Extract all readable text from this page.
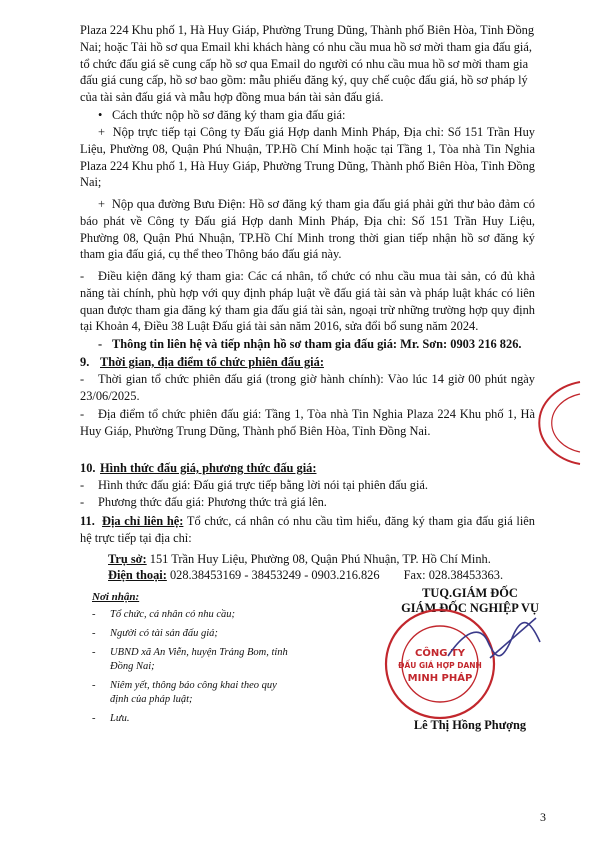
Plaza 224 Khu phố 1, Hà Huy Giáp, Phường Trung Dũng, Thành phố Biên Hòa, Tỉnh Đồng
Nai; hoặc Tải hồ sơ qua Email khi khách hàng có nhu cầu mua hồ sơ mời tham gia đấu giá,
tổ chức đấu giá sẽ cung cấp hồ sơ qua Email do người có nhu cầu mua hồ sơ mời tham gia
đấu giá cung cấp, hồ sơ bao gồm: mẫu phiếu đăng ký, quy chế cuộc đấu giá, hồ sơ pháp lý
của tài sản đấu giá và mẫu hợp đồng mua bán tài sản đấu giá.
• Cách thức nộp hồ sơ đăng ký tham gia đấu giá:
+  Nộp trực tiếp tại Công ty Đấu giá Hợp danh Minh Pháp, Địa chỉ: Số 151 Trần Huy Liệu, Phường 08, Quận Phú Nhuận, TP.Hồ Chí Minh hoặc tại Tầng 1, Tòa nhà Tin Nghia Plaza 224 Khu phố 1, Hà Huy Giáp, Phường Trung Dũng, Thành phố Biên Hòa, Tỉnh Đồng Nai;
+  Nộp qua đường Bưu Điện: Hồ sơ đăng ký tham gia đấu giá phải gửi thư bảo đảm có báo phát về Công ty Đấu giá Hợp danh Minh Pháp, Địa chỉ: Số 151 Trần Huy Liệu, Phường 08, Quận Phú Nhuận, TP.Hồ Chí Minh trong thời gian tiếp nhận hồ sơ đăng ký tham gia đấu giá, cụ thể theo Thông báo đấu giá này.
- Điều kiện đăng ký tham gia: Các cá nhân, tổ chức có nhu cầu mua tài sản, có đủ khả năng tài chính, phù hợp với quy định pháp luật về đấu giá tài sản và pháp luật khác có liên quan được tham gia đăng ký tham gia đấu giá tài sản, ngoại trừ những trường hợp quy định tại Khoản 4, Điều 38 Luật Đấu giá tài sản năm 2016, sửa đổi bổ sung năm 2024.
- Thông tin liên hệ và tiếp nhận hồ sơ tham gia đấu giá: Mr. Sơn: 0903 216 826.
9. Thời gian, địa điểm tổ chức phiên đấu giá:
- Thời gian tổ chức phiên đấu giá (trong giờ hành chính): Vào lúc 14 giờ 00 phút ngày 23/06/2025.
- Địa điểm tổ chức phiên đấu giá: Tầng 1, Tòa nhà Tin Nghia Plaza 224 Khu phố 1, Hà Huy Giáp, Phường Trung Dũng, Thành phố Biên Hòa, Tỉnh Đồng Nai.
10. Hình thức đấu giá, phương thức đấu giá:
- Hình thức đấu giá: Đấu giá trực tiếp bằng lời nói tại phiên đấu giá.
- Phương thức đấu giá: Phương thức trả giá lên.
11. Địa chỉ liên hệ: Tổ chức, cá nhân có nhu cầu tìm hiểu, đăng ký tham gia đấu giá liên hệ trực tiếp tại địa chỉ:
Trụ sở: 151 Trần Huy Liệu, Phường 08, Quận Phú Nhuận, TP. Hồ Chí Minh.
Điện thoại: 028.38453169 - 38453249 - 0903.216.826 Fax: 028.38453363.
Nơi nhận:
-	Tổ chức, cá nhân có nhu cầu;
-	Người có tài sản đấu giá;
-	UBND xã An Viễn, huyện Trảng Bom, tỉnh Đồng Nai;
-	Niêm yết, thông báo công khai theo quy định của pháp luật;
-	Lưu.
TUQ.GIÁM ĐỐC
GIÁM ĐỐC NGHIỆP VỤ
CÔNG TY
ĐẤU GIÁ HỢP DANH
MINH PHÁP
Lê Thị Hồng Phượng
3
